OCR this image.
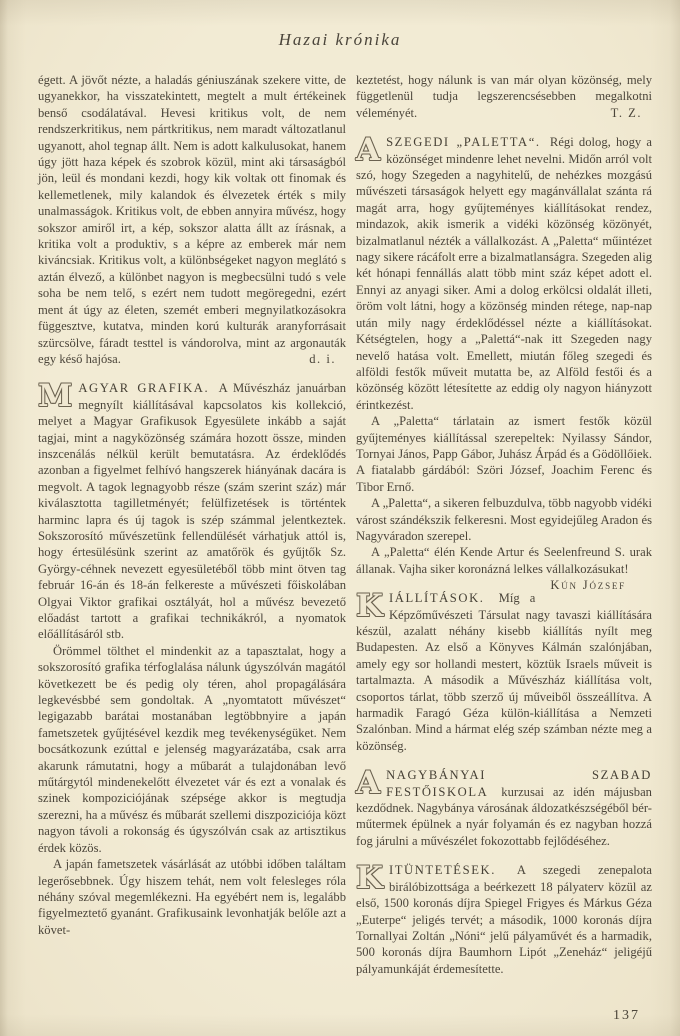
Hazai krónika

égett. A jövőt nézte, a haladás géniuszának szekere vitte, de ugyanekkor, ha visszatekintett, megtelt a mult értékeinek benső csodálatával. Hevesi kritikus volt, de nem rendszerkritikus, nem pártkritikus, nem maradt változatlanul ugyanott, ahol tegnap állt. Nem is adott kalkulusokat, hanem úgy jött haza képek és szobrok közül, mint aki társaságból jön, leül és mondani kezdi, hogy kik voltak ott finomak és kellemetlenek, mily kalandok és élvezetek érték s mily unalmasságok. Kritikus volt, de ebben annyira művész, hogy sokszor amiről irt, a kép, sokszor alatta állt az írásnak, a kritika volt a produktiv, s a képre az emberek már nem kiváncsiak. Kritikus volt, a különbségeket nagyon meglátó s aztán élvező, a különbet nagyon is megbecsülni tudó s vele soha be nem telő, s ezért nem tudott megöregedni, ezért ment át úgy az életen, szemét emberi megnyilatkozásokra függesztve, kutatva, minden korú kulturák aranyforrásait szürcsölve, fáradt testtel is vándorolva, mint az argonauták egy késő hajósa.	d. i.

M AGYAR GRAFIKA. A Művészház januárban megnyílt kiállításával kapcsolatos kis kollekció, melyet a Magyar Grafikusok Egyesülete inkább a saját tagjai, mint a nagyközönség számára hozott össze, minden inszcenálás nélkül került bemutatásra. Az érdeklődés azonban a figyelmet felhívó hangszerek hiányának dacára is megvolt. A tagok legnagyobb része (szám szerint száz) már kiválasztotta tagilletményét; felülfizetések is történtek harminc lapra és új tagok is szép számmal jelentkeztek. Sokszorosító művészetünk fellendülését várhatjuk attól is, hogy értesülésünk szerint az amatőrök és gyűjtők Sz. György-céhnek nevezett egyesületéből több mint ötven tag február 16-án és 18-án felkereste a művészeti főiskolában Olgyai Viktor grafikai osztályát, hol a művész bevezető előadást tartott a grafikai technikákról, a nyomatok előállításáról stb.

Örömmel tölthet el mindenkit az a tapasztalat, hogy a sokszorosító grafika térfoglalása nálunk úgyszólván magától következett be és pedig oly téren, ahol propagálására legkevésbbé sem gondoltak. A „nyomtatott művészet“ legigazabb barátai mostanában legtöbbnyire a japán fametszetek gyűjtésével kezdik meg tevékenységüket. Nem bocsátkozunk ezúttal e jelenség magyarázatába, csak arra akarunk rámutatni, hogy a műbarát a tulajdonában levő műtárgytól mindenekelőtt élvezetet vár és ezt a vonalak és szinek kompoziciójának szépsége akkor is megtudja szerezni, ha a művész és műbarát szellemi diszpoziciója közt nagyon távoli a rokonság és úgyszólván csak az artisztikus érdek közös.

A japán fametszetek vásárlását az utóbbi időben találtam legerősebbnek. Úgy hiszem tehát, nem volt felesleges róla néhány szóval megemlékezni. Ha egyébért nem is, legalább figyelmeztető gyanánt. Grafikusaink levonhatják belőle azt a követ-

keztetést, hogy nálunk is van már olyan közönség, mely függetlenül tudja legszerencsésebben megalkotni véleményét.	T. Z.

A SZEGEDI „PALETTA“. Régi dolog, hogy a közönséget mindenre lehet nevelni. Midőn arról volt szó, hogy Szegeden a nagyhitelű, de nehézkes mozgású művészeti társaságok helyett egy magánvállalat szánta rá magát arra, hogy gyűjteményes kiállításokat rendez, mindazok, akik ismerik a vidéki közönség közönyét, bizalmatlanul nézték a vállalkozást. A „Paletta“ műintézet nagy sikere rácáfolt erre a bizalmatlanságra. Szegeden alig két hónapi fennállás alatt több mint száz képet adott el. Ennyi az anyagi siker. Ami a dolog erkölcsi oldalát illeti, öröm volt látni, hogy a közönség minden rétege, nap-nap után mily nagy érdeklődéssel nézte a kiállításokat. Kétségtelen, hogy a „Palettá“-nak itt Szegeden nagy nevelő hatása volt. Emellett, miután főleg szegedi és alföldi festők műveit mutatta be, az Alföld festői és a közönség között létesítette az eddig oly nagyon hiányzott érintkezést.

A „Paletta“ tárlatain az ismert festők közül gyűjteményes kiállítással szerepeltek: Nyilassy Sándor, Tornyai János, Papp Gábor, Juhász Árpád és a Gödöllőiek. A fiatalabb gárdából: Szöri József, Joachim Ferenc és Tibor Ernő.

A „Paletta“, a sikeren felbuzdulva, több nagyobb vidéki várost szándékszik felkeresni. Most egyidejűleg Aradon és Nagyváradon szerepel.

A „Paletta“ élén Kende Artur és Seelenfreund S. urak állanak. Vajha siker koronázná lelkes vállalkozásukat!
Kún József

K IÁLLÍTÁSOK. Míg a Képzőművészeti Társulat nagy tavaszi kiállítására készül, azalatt néhány kisebb kiállítás nyílt meg Budapesten. Az első a Könyves Kálmán szalónjában, amely egy sor hollandi mestert, köztük Israels műveit is tartalmazta. A második a Művészház kiállítása volt, csoportos tárlat, több szerző új műveiből összeállítva. A harmadik Faragó Géza külön-kiállítása a Nemzeti Szalónban. Mind a hármat elég szép számban nézte meg a közönség.

A NAGYBÁNYAI SZABAD FESTŐISKOLA kurzusai az idén májusban kezdődnek. Nagybánya városának áldozatkészségéből bér-műtermek épülnek a nyár folyamán és ez nagyban hozzá fog járulni a művészélet fokozottabb fejlődéséhez.

K ITÜNTETÉSEK. A szegedi zenepalota birálóbizottsága a beérkezett 18 pályaterv közül az első, 1500 koronás díjra Spiegel Frigyes és Márkus Géza „Euterpe“ jeligés tervét; a második, 1000 koronás díjra Tornallyai Zoltán „Nóni“ jelű pályaművét és a harmadik, 500 koronás díjra Baumhorn Lipót „Zeneház“ jeligéjű pályamunkáját érdemesítette.

137
